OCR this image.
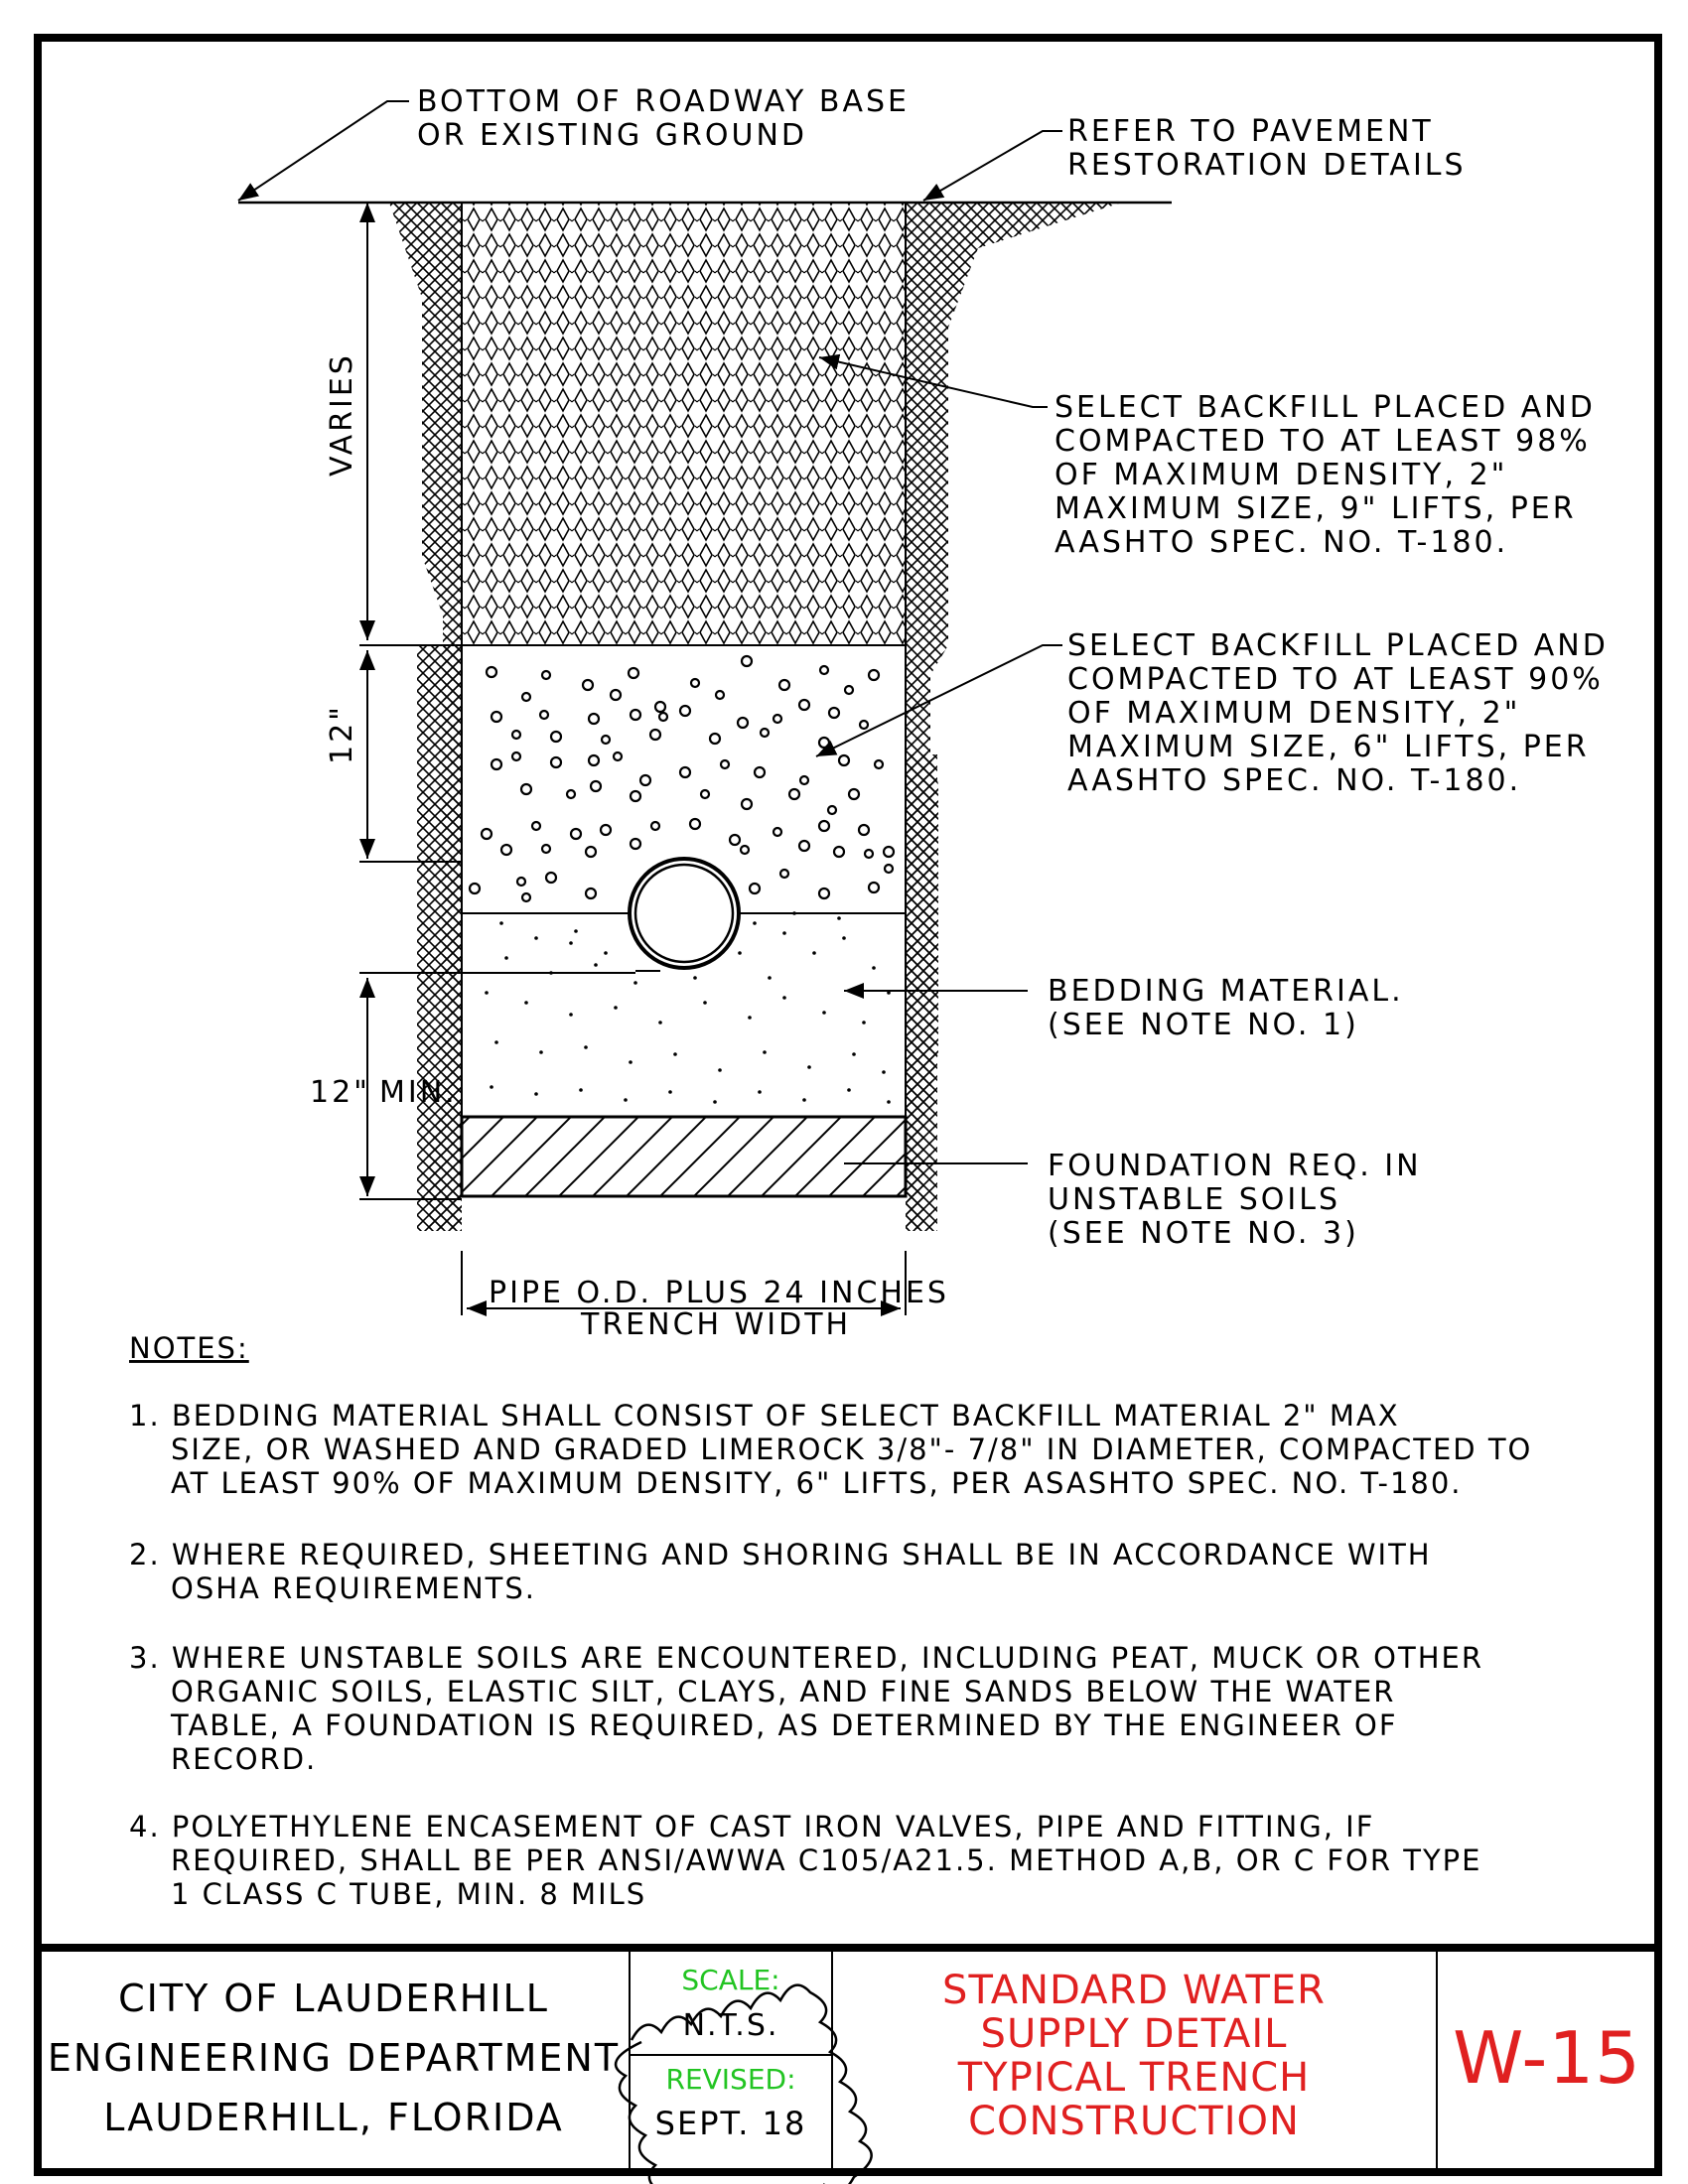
BOTTOM OF ROADWAY BASE
OR EXISTING GROUND	REFER TO PAVEMENT
RESTORATION DETAILS
SELECT BACKFILL PLACED AND
COMPACTED TO AT LEAST 98%
OF MAXIMUM DENSITY, 2"
MAXIMUM SIZE, 9" LIFTS, PER
AASHTO SPEC. NO. T-180.
SELECT BACKFILL PLACED AND
COMPACTED TO AT LEAST 90%
OF MAXIMUM DENSITY, 2"
MAXIMUM SIZE, 6" LIFTS, PER
AASHTO SPEC. NO. T-180.
BEDDING MATERIAL.
(SEE NOTE NO. 1)
FOUNDATION REQ. IN
UNSTABLE SOILS
(SEE NOTE NO. 3)
VARIES
12"
12" MIN.
PIPE O.D. PLUS 24 INCHES
TRENCH WIDTH
NOTES:
1. BEDDING MATERIAL SHALL CONSIST OF SELECT BACKFILL MATERIAL 2" MAX
SIZE, OR WASHED AND GRADED LIMEROCK 3/8"- 7/8" IN DIAMETER, COMPACTED TO
AT LEAST 90% OF MAXIMUM DENSITY, 6" LIFTS, PER ASASHTO SPEC. NO. T-180.
2. WHERE REQUIRED, SHEETING AND SHORING SHALL BE IN ACCORDANCE WITH
OSHA REQUIREMENTS.
3. WHERE UNSTABLE SOILS ARE ENCOUNTERED, INCLUDING PEAT, MUCK OR OTHER
ORGANIC SOILS, ELASTIC SILT, CLAYS, AND FINE SANDS BELOW THE WATER
TABLE, A FOUNDATION IS REQUIRED, AS DETERMINED BY THE ENGINEER OF
RECORD.
4. POLYETHYLENE ENCASEMENT OF CAST IRON VALVES, PIPE AND FITTING, IF
REQUIRED, SHALL BE PER ANSI/AWWA C105/A21.5. METHOD A,B, OR C FOR TYPE
1 CLASS C TUBE, MIN. 8 MILS
CITY OF LAUDERHILL
ENGINEERING DEPARTMENT
LAUDERHILL, FLORIDA
SCALE:
N.T.S.
REVISED:
SEPT. 18
STANDARD WATER
SUPPLY DETAIL
TYPICAL TRENCH
CONSTRUCTION
W-15
